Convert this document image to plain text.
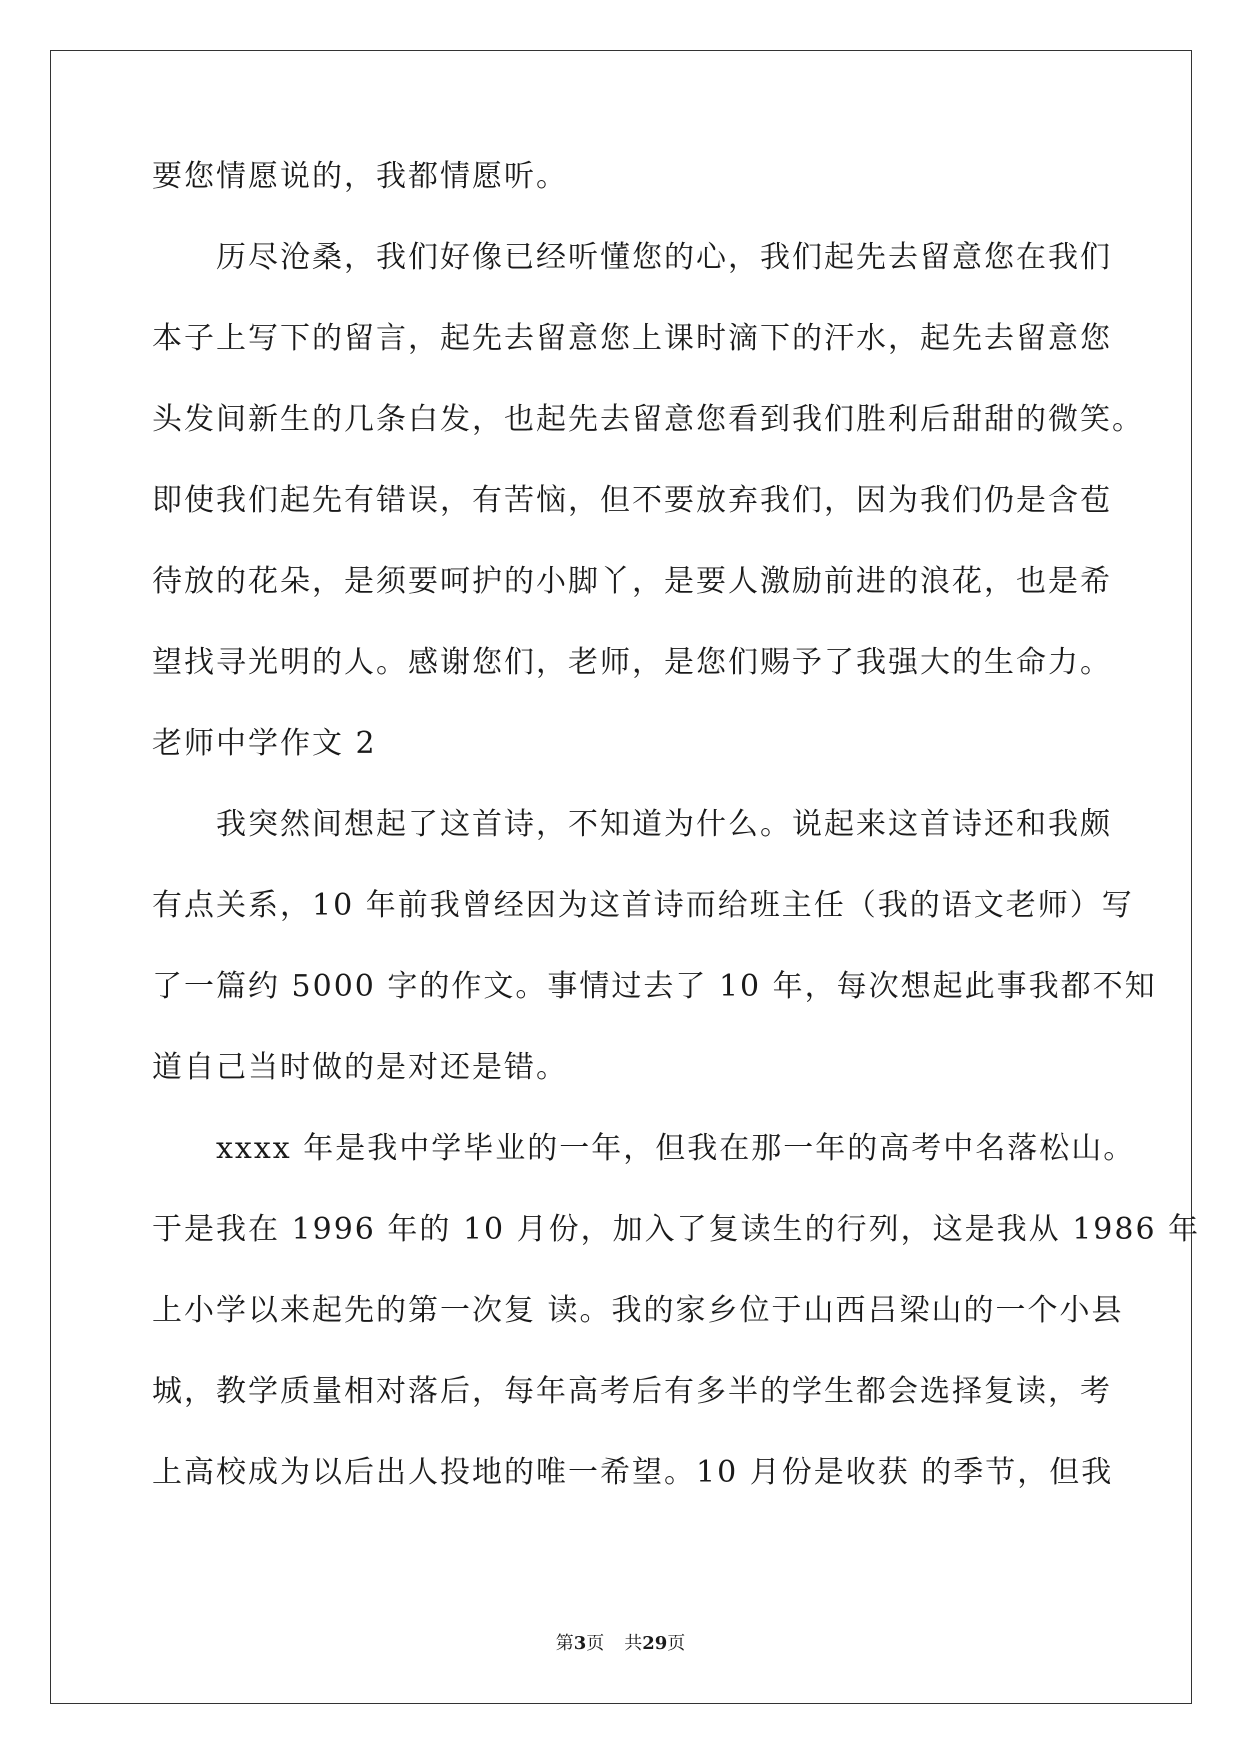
要您情愿说的，我都情愿听。
历尽沧桑，我们好像已经听懂您的心，我们起先去留意您在我们
本子上写下的留言，起先去留意您上课时滴下的汗水，起先去留意您
头发间新生的几条白发，也起先去留意您看到我们胜利后甜甜的微笑。
即使我们起先有错误，有苦恼，但不要放弃我们，因为我们仍是含苞
待放的花朵，是须要呵护的小脚丫，是要人激励前进的浪花，也是希
望找寻光明的人。感谢您们，老师，是您们赐予了我强大的生命力。
老师中学作文 2
我突然间想起了这首诗，不知道为什么。说起来这首诗还和我颇
有点关系，10 年前我曾经因为这首诗而给班主任（我的语文老师）写
了一篇约 5000 字的作文。事情过去了 10 年，每次想起此事我都不知
道自己当时做的是对还是错。
xxxx 年是我中学毕业的一年，但我在那一年的高考中名落松山。
于是我在 1996 年的 10 月份，加入了复读生的行列，这是我从 1986 年
上小学以来起先的第一次复 读。我的家乡位于山西吕梁山的一个小县
城，教学质量相对落后，每年高考后有多半的学生都会选择复读，考
上高校成为以后出人投地的唯一希望。10 月份是收获 的季节，但我
第3页 共29页
